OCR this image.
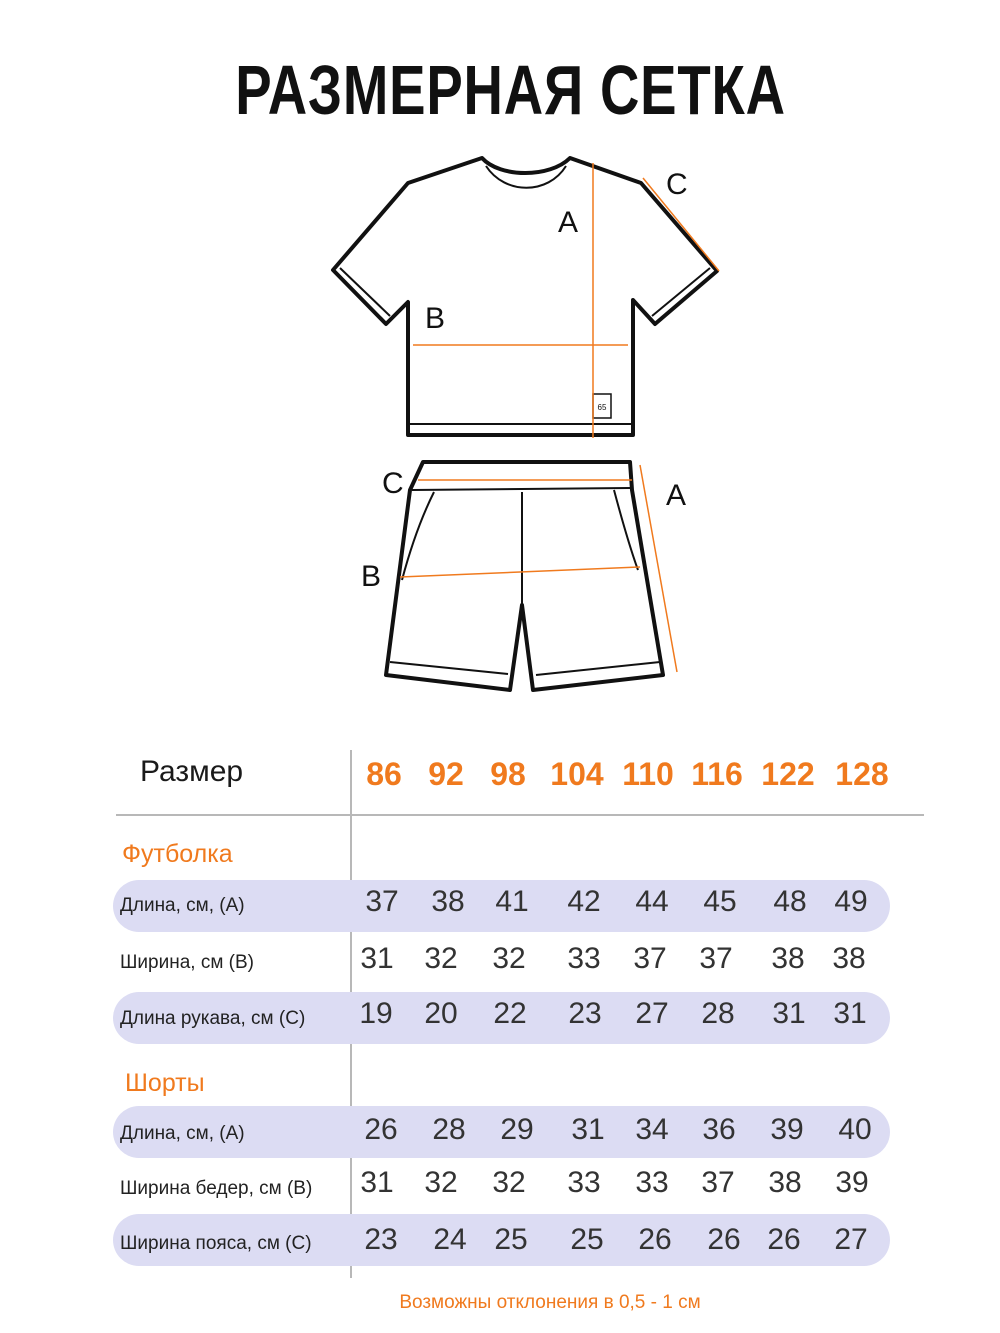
РАЗМЕРНАЯ СЕТКА
65
A
B
C
A
B
C
Размер	86 92 98 104 110 116 122 128
Футболка
Длина, см, (A)	37	38	41	42	44	45	48 49
Ширина, см (B)	31	32	32	33	37	37	38 38
Длина рукава, см (C)	19	20	22	23	27	28	31 31
Шорты
Длина, см, (A)	26	28	29	31	34	36	39	40
Ширина бедер, см (B)	31	32	32	33	33	37	38	39
Ширина пояса, см (C)	23	24 25	25	26	26 26	27
Возможны отклонения в 0,5 - 1 см
